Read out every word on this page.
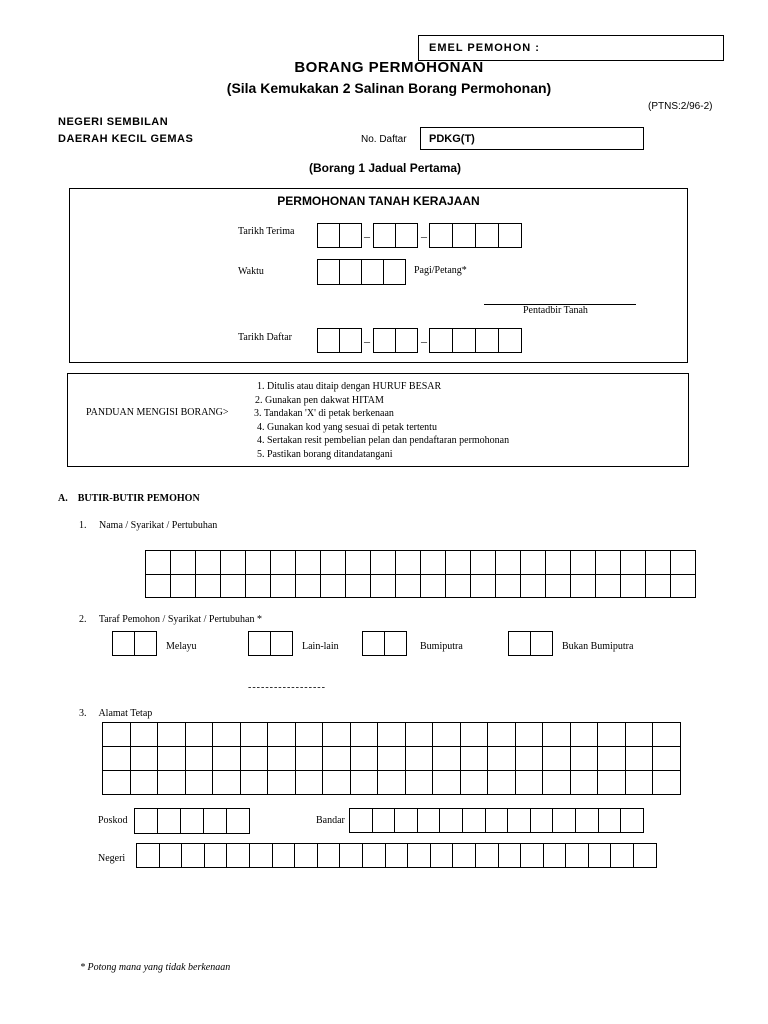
EMEL PEMOHON :
BORANG PERMOHONAN
(Sila Kemukakan 2 Salinan Borang Permohonan)
(PTNS:2/96-2)
NEGERI SEMBILAN
DAERAH KECIL GEMAS	No. Daftar PDKG(T)
(Borang 1 Jadual Pertama)
PERMOHONAN TANAH KERAJAAN
Tarikh Terima	–	–
Waktu	Pagi/Petang*
Pentadbir Tanah
Tarikh Daftar	–	–
PANDUAN MENGISI BORANG>
1. Ditulis atau ditaip dengan HURUF BESAR
2. Gunakan pen dakwat HITAM
3. Tandakan 'X' di petak berkenaan
4. Gunakan kod yang sesuai di petak tertentu
4. Sertakan resit pembelian pelan dan pendaftaran permohonan
5. Pastikan borang ditandatangani
A.    BUTIR-BUTIR PEMOHON
1.     Nama / Syarikat / Pertubuhan
2.     Taraf Pemohon / Syarikat / Pertubuhan *
Melayu	Lain-lain	Bumiputra	Bukan Bumiputra
------------------
3.     Alamat Tetap
Poskod	Bandar
Negeri
* Potong mana yang tidak berkenaan
